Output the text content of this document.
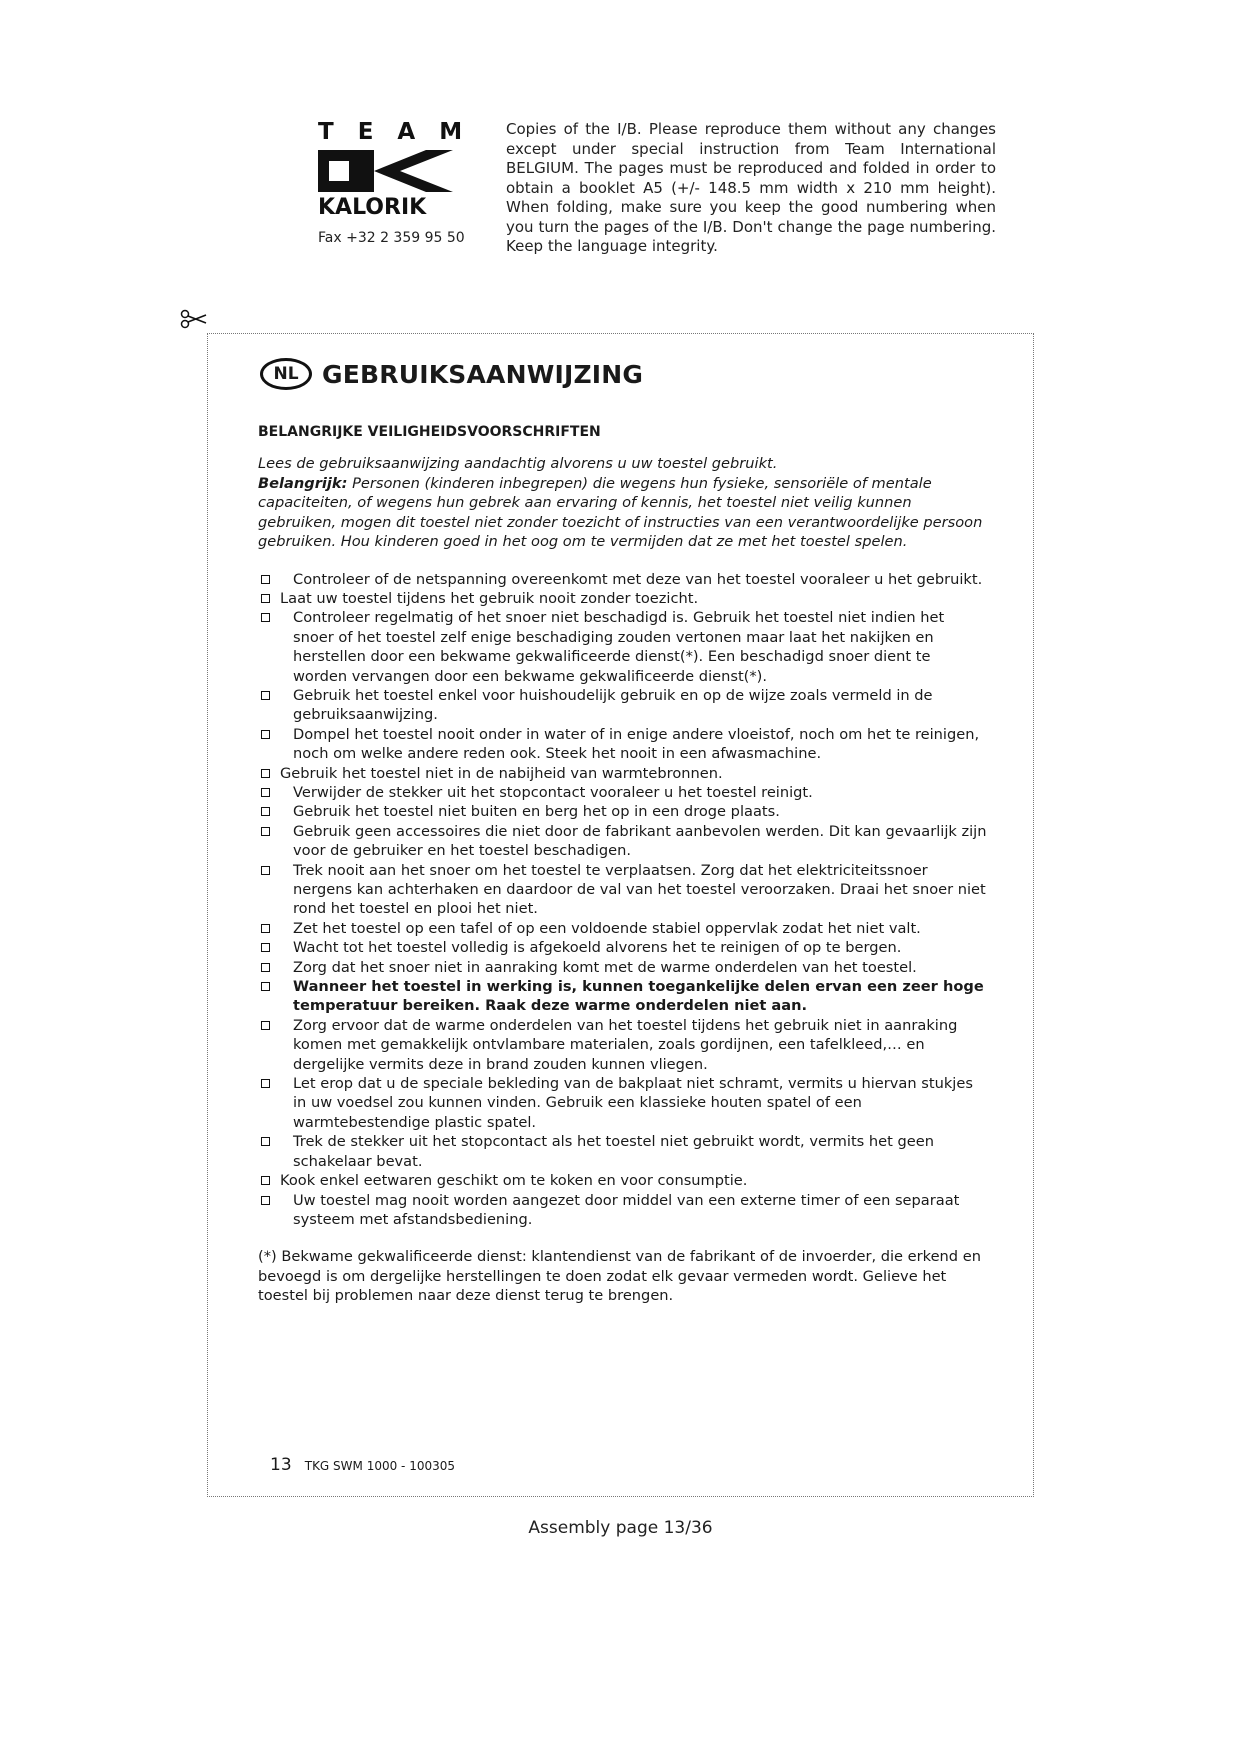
TEAM
KALORIK
Fax +32 2 359 95 50
Copies of the I/B. Please reproduce them without any changes except under special instruction from Team International BELGIUM. The pages must be reproduced and folded in order to obtain a booklet A5 (+/- 148.5 mm width x 210 mm height). When folding, make sure you keep the good numbering when you turn the pages of the I/B. Don't change the page numbering. Keep the language integrity.
NL GEBRUIKSAANWIJZING
BELANGRIJKE VEILIGHEIDSVOORSCHRIFTEN
Lees de gebruiksaanwijzing aandachtig alvorens u uw toestel gebruikt.
Belangrijk: Personen (kinderen inbegrepen) die wegens hun fysieke, sensoriële of mentale capaciteiten, of wegens hun gebrek aan ervaring of kennis, het toestel niet veilig kunnen gebruiken, mogen dit toestel niet zonder toezicht of instructies van een verantwoordelijke persoon gebruiken. Hou kinderen goed in het oog om te vermijden dat ze met het toestel spelen.
Controleer of de netspanning overeenkomt met deze van het toestel vooraleer u het gebruikt.
Laat uw toestel tijdens het gebruik nooit zonder toezicht.
Controleer regelmatig of het snoer niet beschadigd is. Gebruik het toestel niet indien het snoer of het toestel zelf enige beschadiging zouden vertonen maar laat het nakijken en herstellen door een bekwame gekwalificeerde dienst(*). Een beschadigd snoer dient te worden vervangen door een bekwame gekwalificeerde dienst(*).
Gebruik het toestel enkel voor huishoudelijk gebruik en op de wijze zoals vermeld in de gebruiksaanwijzing.
Dompel het toestel nooit onder in water of in enige andere vloeistof, noch om het te reinigen, noch om welke andere reden ook. Steek het nooit in een afwasmachine.
Gebruik het toestel niet in de nabijheid van warmtebronnen.
Verwijder de stekker uit het stopcontact vooraleer u het toestel reinigt.
Gebruik het toestel niet buiten en berg het op in een droge plaats.
Gebruik geen accessoires die niet door de fabrikant aanbevolen werden. Dit kan gevaarlijk zijn voor de gebruiker en het toestel beschadigen.
Trek nooit aan het snoer om het toestel te verplaatsen. Zorg dat het elektriciteitssnoer nergens kan achterhaken en daardoor de val van het toestel veroorzaken. Draai het snoer niet rond het toestel en plooi het niet.
Zet het toestel op een tafel of op een voldoende stabiel oppervlak zodat het niet valt.
Wacht tot het toestel volledig is afgekoeld alvorens het te reinigen of op te bergen.
Zorg dat het snoer niet in aanraking komt met de warme onderdelen van het toestel.
Wanneer het toestel in werking is, kunnen toegankelijke delen ervan een zeer hoge temperatuur bereiken. Raak deze warme onderdelen niet aan.
Zorg ervoor dat de warme onderdelen van het toestel tijdens het gebruik niet in aanraking komen met gemakkelijk ontvlambare materialen, zoals gordijnen, een tafelkleed,… en dergelijke vermits deze in brand zouden kunnen vliegen.
Let erop dat u de speciale bekleding van de bakplaat niet schramt, vermits u hiervan stukjes in uw voedsel zou kunnen vinden. Gebruik een klassieke houten spatel of een warmtebestendige plastic spatel.
Trek de stekker uit het stopcontact als het toestel niet gebruikt wordt, vermits het geen schakelaar bevat.
Kook enkel eetwaren geschikt om te koken en voor consumptie.
Uw toestel mag nooit worden aangezet door middel van een externe timer of een separaat systeem met afstandsbediening.
(*) Bekwame gekwalificeerde dienst: klantendienst van de fabrikant of de invoerder, die erkend en bevoegd is om dergelijke herstellingen te doen zodat elk gevaar vermeden wordt. Gelieve het toestel bij problemen naar deze dienst terug te brengen.
13 TKG SWM 1000 - 100305
Assembly page 13/36
